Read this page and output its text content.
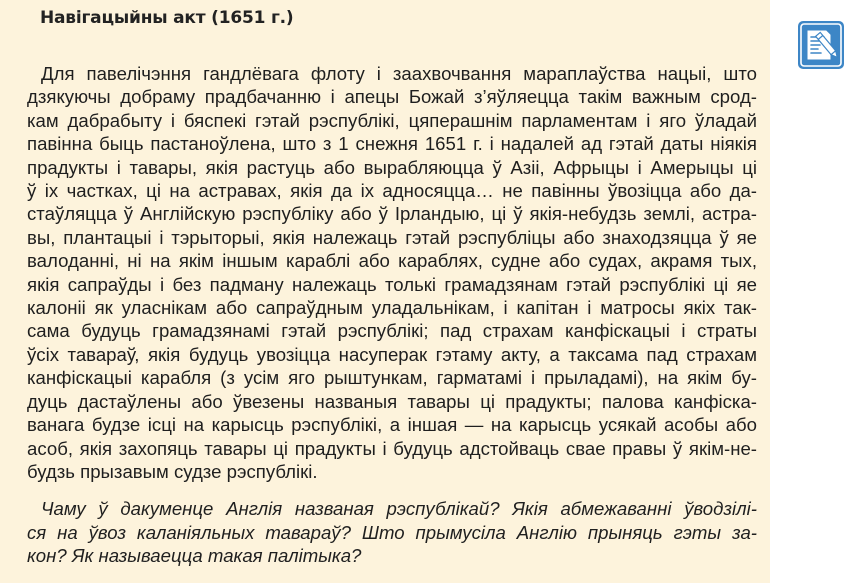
Навігацыйны акт (1651 г.)
Для павелічэння гандлёвага флоту і заахвочвання мараплаўства нацыі, што
дзякуючы добраму прадбачанню і апецы Божай з’яўляецца такім важным срод-
кам дабрабыту і бяспекі гэтай рэспублікі, цяперашнім парламентам і яго ўладай
павінна быць пастаноўлена, што з 1 снежня 1651 г. і надалей ад гэтай даты ніякія
прадукты і тавары, якія растуць або вырабляюцца ў Азіі, Афрыцы і Амерыцы ці
ў іх частках, ці на астравах, якія да іх адносяцца… не павінны ўвозіцца або да-
стаўляцца ў Англійскую рэспубліку або ў Ірландыю, ці ў якія-небудзь землі, астра-
вы, плантацыі і тэрыторыі, якія належаць гэтай рэспубліцы або знаходзяцца ў яе
валоданні, ні на якім іншым караблі або караблях, судне або судах, акрамя тых,
якія сапраўды і без падману належаць толькі грамадзянам гэтай рэспублікі ці яе
калоніі як уласнікам або сапраўдным уладальнікам, і капітан і матросы якіх так-
сама будуць грамадзянамі гэтай рэспублікі; пад страхам канфіскацыі і страты
ўсіх тавараў, якія будуць увозіцца насуперак гэтаму акту, а таксама пад страхам
канфіскацыі карабля (з усім яго рыштункам, гарматамі і прыладамі), на якім бу-
дуць дастаўлены або ўвезены названыя тавары ці прадукты; палова канфіска-
ванага будзе ісці на карысць рэспублікі, а іншая — на карысць усякай асобы або
асоб, якія захопяць тавары ці прадукты і будуць адстойваць свае правы ў якім-не-
будзь прызавым судзе рэспублікі.
Чаму ў дакуменце Англія названая рэспублікай? Якія абмежаванні ўводзілі-
ся на ўвоз каланіяльных тавараў? Што прымусіла Англію прыняць гэты за-
кон? Як называецца такая палітыка?
